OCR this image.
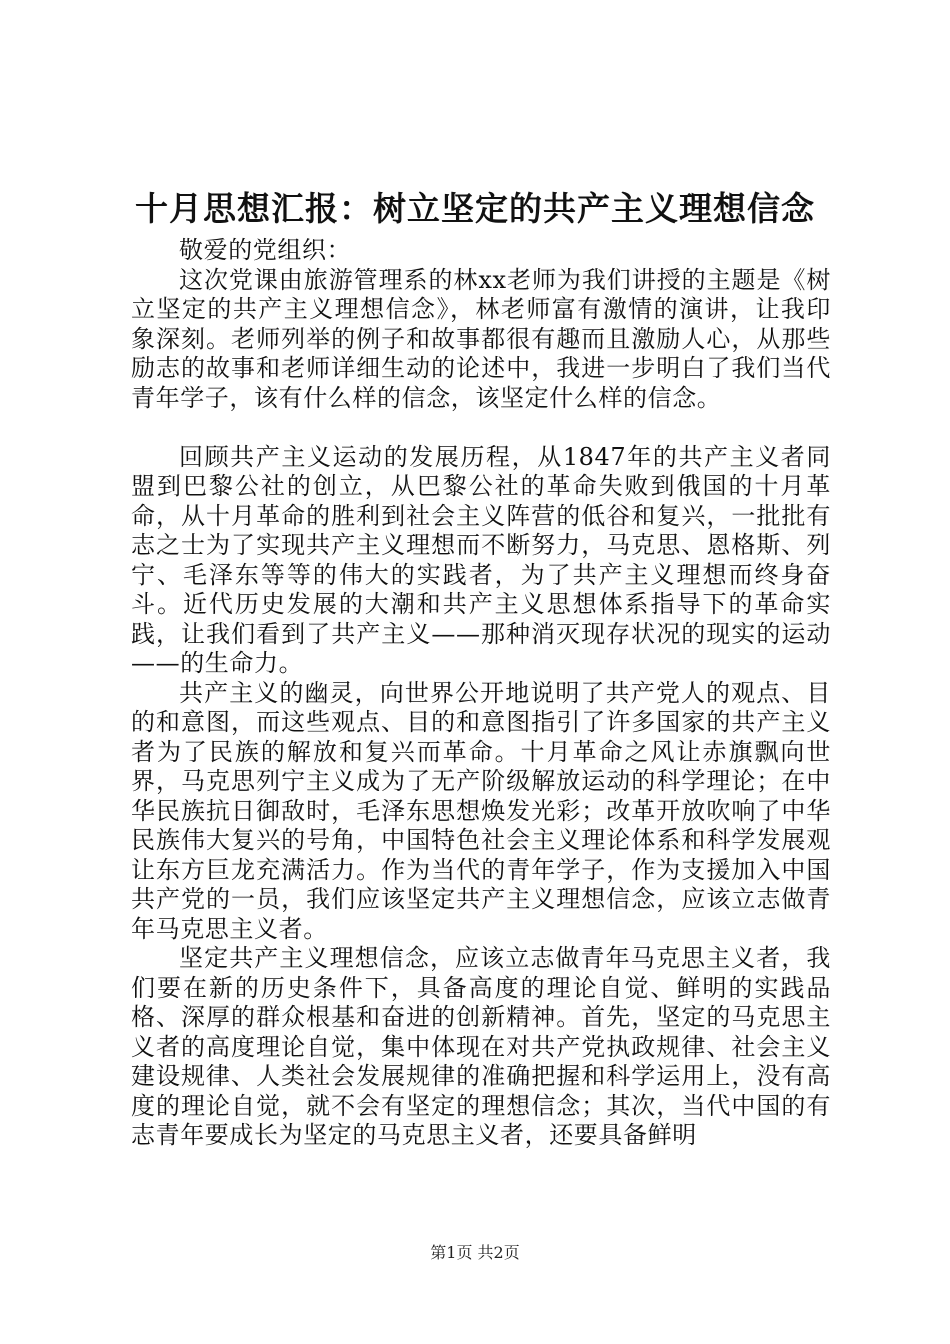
十月思想汇报：树立坚定的共产主义理想信念

敬爱的党组织：

这次党课由旅游管理系的林xx老师为我们讲授的主题是《树立坚定的共产主义理想信念》，林老师富有激情的演讲，让我印象深刻。老师列举的例子和故事都很有趣而且激励人心，从那些励志的故事和老师详细生动的论述中，我进一步明白了我们当代青年学子，该有什么样的信念，该坚定什么样的信念。

回顾共产主义运动的发展历程，从1847年的共产主义者同盟到巴黎公社的创立，从巴黎公社的革命失败到俄国的十月革命，从十月革命的胜利到社会主义阵营的低谷和复兴，一批批有志之士为了实现共产主义理想而不断努力，马克思、恩格斯、列宁、毛泽东等等的伟大的实践者，为了共产主义理想而终身奋斗。近代历史发展的大潮和共产主义思想体系指导下的革命实践，让我们看到了共产主义——那种消灭现存状况的现实的运动——的生命力。

共产主义的幽灵，向世界公开地说明了共产党人的观点、目的和意图，而这些观点、目的和意图指引了许多国家的共产主义者为了民族的解放和复兴而革命。十月革命之风让赤旗飘向世界，马克思列宁主义成为了无产阶级解放运动的科学理论；在中华民族抗日御敌时，毛泽东思想焕发光彩；改革开放吹响了中华民族伟大复兴的号角，中国特色社会主义理论体系和科学发展观让东方巨龙充满活力。作为当代的青年学子，作为支援加入中国共产党的一员，我们应该坚定共产主义理想信念，应该立志做青年马克思主义者。

坚定共产主义理想信念，应该立志做青年马克思主义者，我们要在新的历史条件下，具备高度的理论自觉、鲜明的实践品格、深厚的群众根基和奋进的创新精神。首先，坚定的马克思主义者的高度理论自觉，集中体现在对共产党执政规律、社会主义建设规律、人类社会发展规律的准确把握和科学运用上，没有高度的理论自觉，就不会有坚定的理想信念；其次，当代中国的有志青年要成长为坚定的马克思主义者，还要具备鲜明

第1页 共2页
